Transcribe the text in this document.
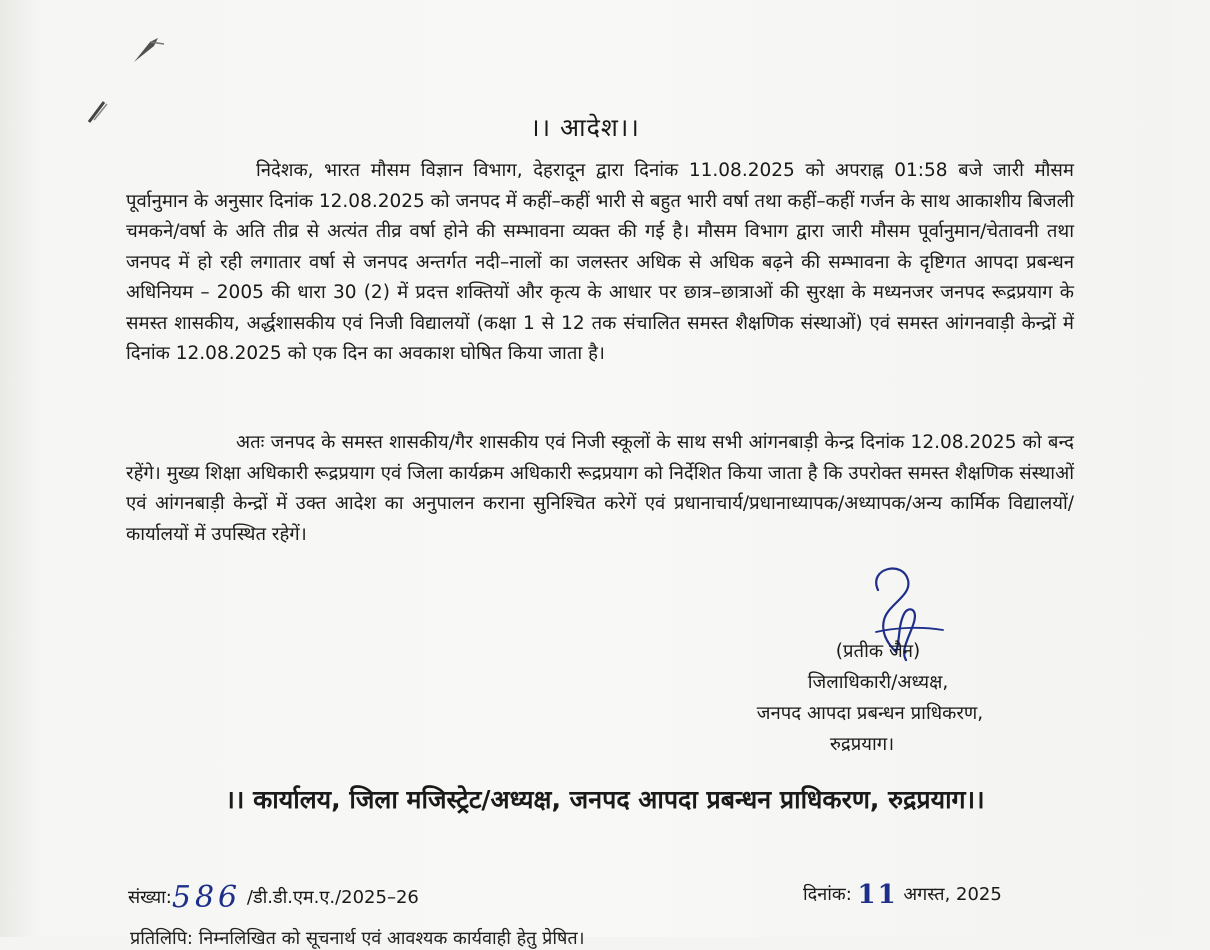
।। आदेश।।
निदेशक, भारत मौसम विज्ञान विभाग, देहरादून द्वारा दिनांक 11.08.2025 को अपराह्न 01:58 बजे जारी मौसम पूर्वानुमान के अनुसार दिनांक 12.08.2025 को जनपद में कहीं–कहीं भारी से बहुत भारी वर्षा तथा कहीं–कहीं गर्जन के साथ आकाशीय बिजली चमकने/वर्षा के अति तीव्र से अत्यंत तीव्र वर्षा होने की सम्भावना व्यक्त की गई है। मौसम विभाग द्वारा जारी मौसम पूर्वानुमान/चेतावनी तथा जनपद में हो रही लगातार वर्षा से जनपद अन्तर्गत नदी–नालों का जलस्तर अधिक से अधिक बढ़ने की सम्भावना के दृष्टिगत आपदा प्रबन्धन अधिनियम – 2005 की धारा 30 (2) में प्रदत्त शक्तियों और कृत्य के आधार पर छात्र–छात्राओं की सुरक्षा के मध्यनजर जनपद रूद्रप्रयाग के समस्त शासकीय, अर्द्धशासकीय एवं निजी विद्यालयों (कक्षा 1 से 12 तक संचालित समस्त शैक्षणिक संस्थाओं) एवं समस्त आंगनवाड़ी केन्द्रों में दिनांक 12.08.2025 को एक दिन का अवकाश घोषित किया जाता है।
अतः जनपद के समस्त शासकीय/गैर शासकीय एवं निजी स्कूलों के साथ सभी आंगनबाड़ी केन्द्र दिनांक 12.08.2025 को बन्द रहेंगे। मुख्य शिक्षा अधिकारी रूद्रप्रयाग एवं जिला कार्यक्रम अधिकारी रूद्रप्रयाग को निर्देशित किया जाता है कि उपरोक्त समस्त शैक्षणिक संस्थाओं एवं आंगनबाड़ी केन्द्रों में उक्त आदेश का अनुपालन कराना सुनिश्चित करेगें एवं प्रधानाचार्य/प्रधानाध्यापक/अध्यापक/अन्य कार्मिक विद्यालयों/कार्यालयों में उपस्थित रहेगें।
(प्रतीक जैन)
जिलाधिकारी/अध्यक्ष,
जनपद आपदा प्रबन्धन प्राधिकरण,
रुद्रप्रयाग।
।। कार्यालय, जिला मजिस्ट्रेट/अध्यक्ष, जनपद आपदा प्रबन्धन प्राधिकरण, रुद्रप्रयाग।।
संख्या:586 /डी.डी.एम.ए./2025–26	दिनांक: 11 अगस्त, 2025
प्रतिलिपि: निम्नलिखित को सूचनार्थ एवं आवश्यक कार्यवाही हेतु प्रेषित।
